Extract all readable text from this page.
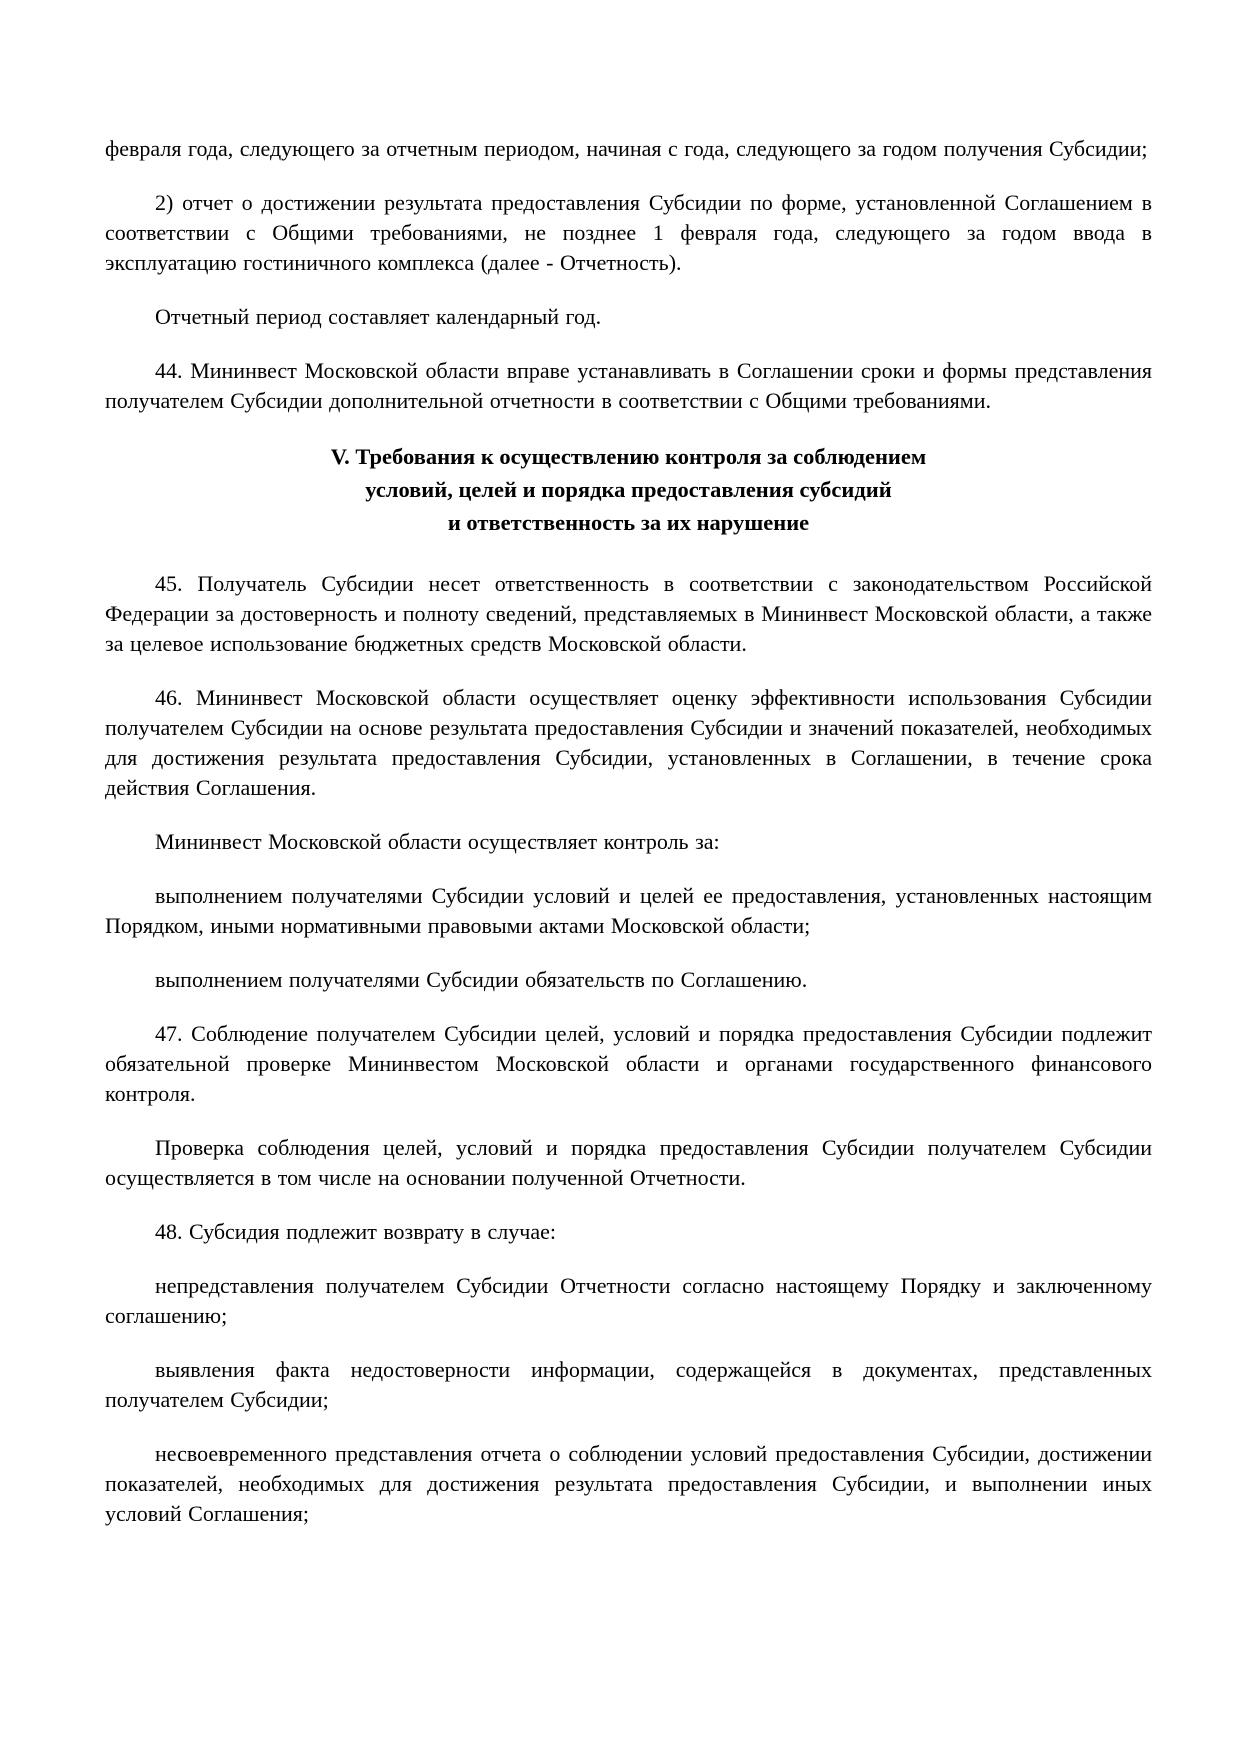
февраля года, следующего за отчетным периодом, начиная с года, следующего за годом получения Субсидии;

2) отчет о достижении результата предоставления Субсидии по форме, установленной Соглашением в соответствии с Общими требованиями, не позднее 1 февраля года, следующего за годом ввода в эксплуатацию гостиничного комплекса (далее - Отчетность).

Отчетный период составляет календарный год.

44. Мининвест Московской области вправе устанавливать в Соглашении сроки и формы представления получателем Субсидии дополнительной отчетности в соответствии с Общими требованиями.

V. Требования к осуществлению контроля за соблюдением
условий, целей и порядка предоставления субсидий
и ответственность за их нарушение

45. Получатель Субсидии несет ответственность в соответствии с законодательством Российской Федерации за достоверность и полноту сведений, представляемых в Мининвест Московской области, а также за целевое использование бюджетных средств Московской области.

46. Мининвест Московской области осуществляет оценку эффективности использования Субсидии получателем Субсидии на основе результата предоставления Субсидии и значений показателей, необходимых для достижения результата предоставления Субсидии, установленных в Соглашении, в течение срока действия Соглашения.

Мининвест Московской области осуществляет контроль за:

выполнением получателями Субсидии условий и целей ее предоставления, установленных настоящим Порядком, иными нормативными правовыми актами Московской области;

выполнением получателями Субсидии обязательств по Соглашению.

47. Соблюдение получателем Субсидии целей, условий и порядка предоставления Субсидии подлежит обязательной проверке Мининвестом Московской области и органами государственного финансового контроля.

Проверка соблюдения целей, условий и порядка предоставления Субсидии получателем Субсидии осуществляется в том числе на основании полученной Отчетности.

48. Субсидия подлежит возврату в случае:

непредставления получателем Субсидии Отчетности согласно настоящему Порядку и заключенному соглашению;

выявления факта недостоверности информации, содержащейся в документах, представленных получателем Субсидии;

несвоевременного представления отчета о соблюдении условий предоставления Субсидии, достижении показателей, необходимых для достижения результата предоставления Субсидии, и выполнении иных условий Соглашения;
